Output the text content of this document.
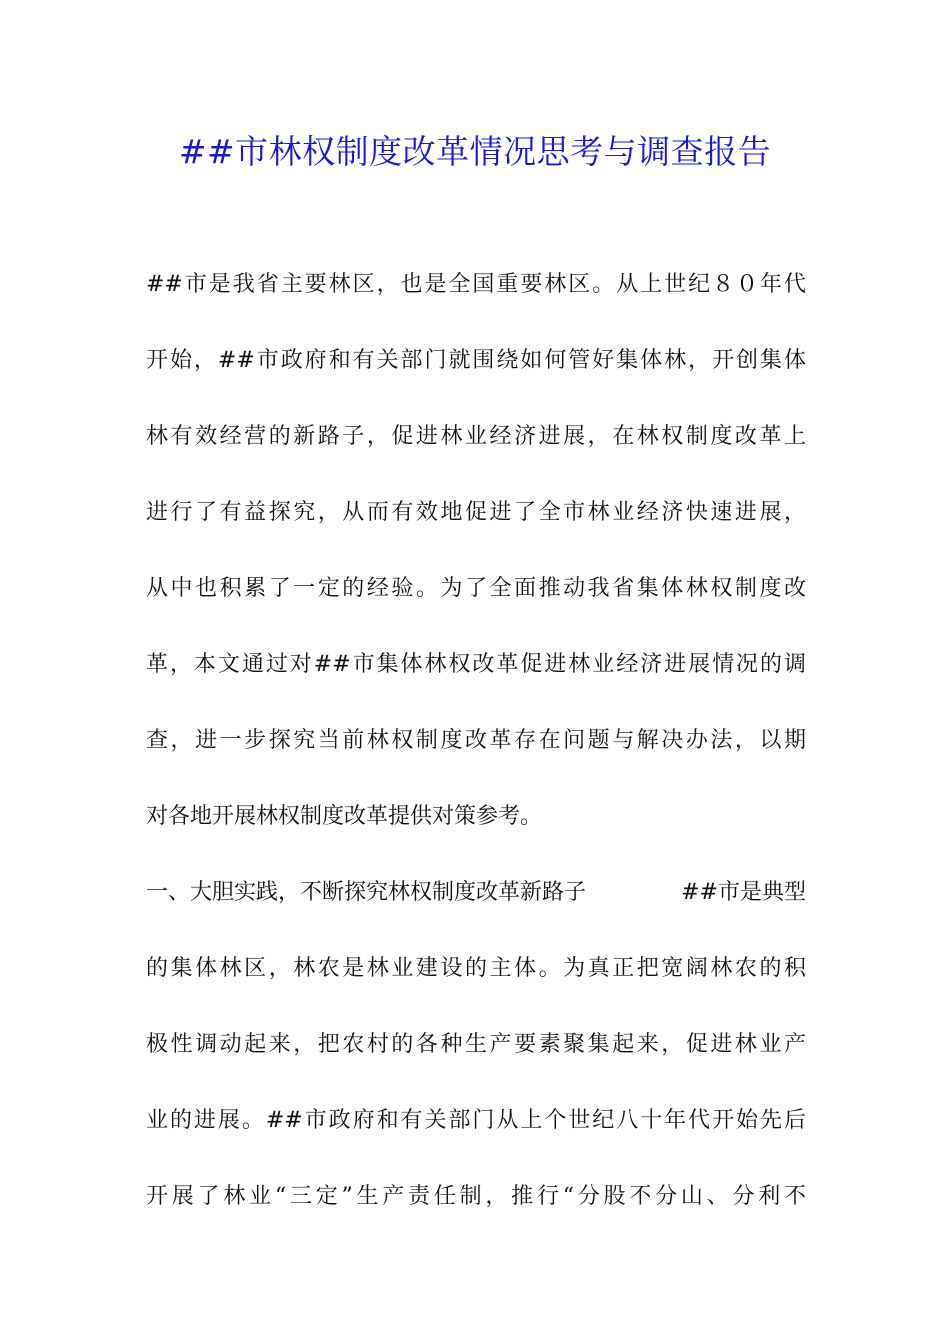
##市林权制度改革情况思考与调查报告
##市是我省主要林区，也是全国重要林区。从上世纪８０年代
开始，##市政府和有关部门就围绕如何管好集体林，开创集体
林有效经营的新路子，促进林业经济进展，在林权制度改革上
进行了有益探究，从而有效地促进了全市林业经济快速进展，
从中也积累了一定的经验。为了全面推动我省集体林权制度改
革，本文通过对##市集体林权改革促进林业经济进展情况的调
查，进一步探究当前林权制度改革存在问题与解决办法，以期
对各地开展林权制度改革提供对策参考。
一、大胆实践，不断探究林权制度改革新路子	##市是典型
的集体林区，林农是林业建设的主体。为真正把宽阔林农的积
极性调动起来，把农村的各种生产要素聚集起来，促进林业产
业的进展。##市政府和有关部门从上个世纪八十年代开始先后
开展了林业“三定”生产责任制，推行“分股不分山、分利不
